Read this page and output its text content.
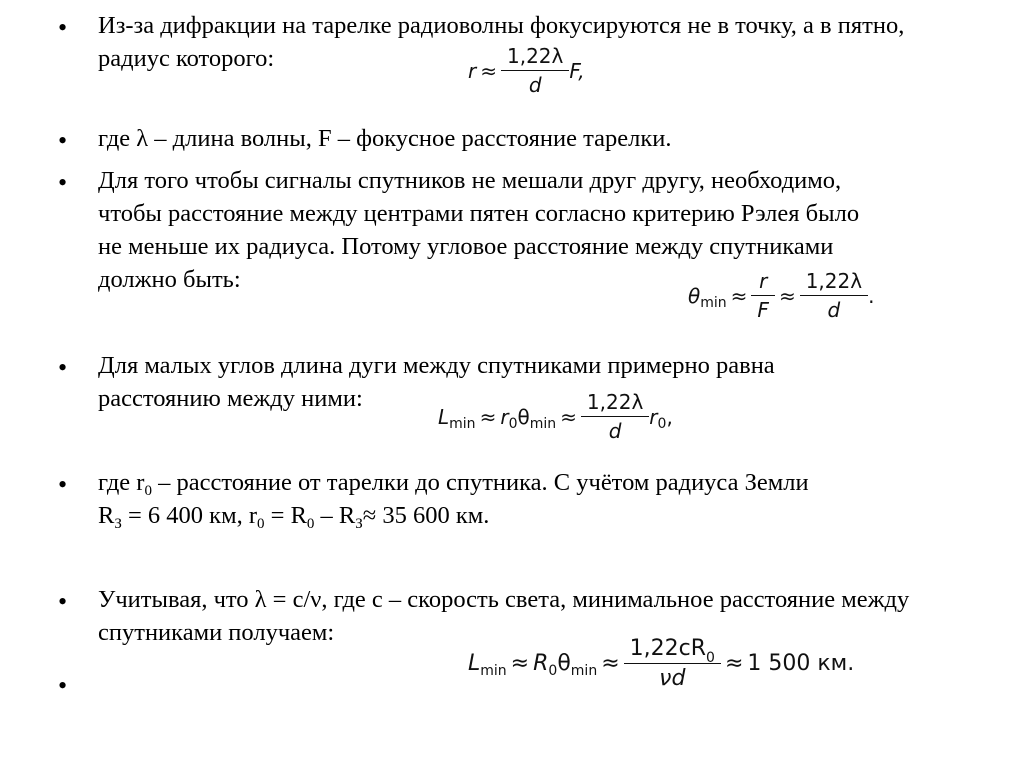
• Из-за дифракции на тарелке радиоволны фокусируются не в точку, а в пятно, радиус которого:	$r \approx \frac{1,22\lambda}{d} F$,
• где λ – длина волны, F – фокусное расстояние тарелки.

• Для того чтобы сигналы спутников не мешали друг другу, необходимо, чтобы расстояние между центрами пятен согласно критерию Рэлея было не меньше их радиуса. Потому угловое расстояние между спутниками должно быть:

θ $\min \approx \frac{r}{F} \approx \frac{1,22\lambda}{d}$ .
• Для малых углов длина дуги между спутниками примерно равна расстоянию между ними:

L min ≈ r 0 θ $\min \approx \frac{1,22\lambda}{d}$ r 0 ,
• где $r_0$ – расстояние от тарелки до спутника. С учётом радиуса Земли
$R_З = 6$ 400 км, $r_0 = R_0 - R_З\approx 35$ 600 км.

• Учитывая, что λ = c/ν, где c – скорость света, минимальное расстояние между спутниками получаем:

•
L min ≈ R 0 θ $\min \approx \frac{1,22cR_0}{\nu d} \approx 1$ 500 км.
